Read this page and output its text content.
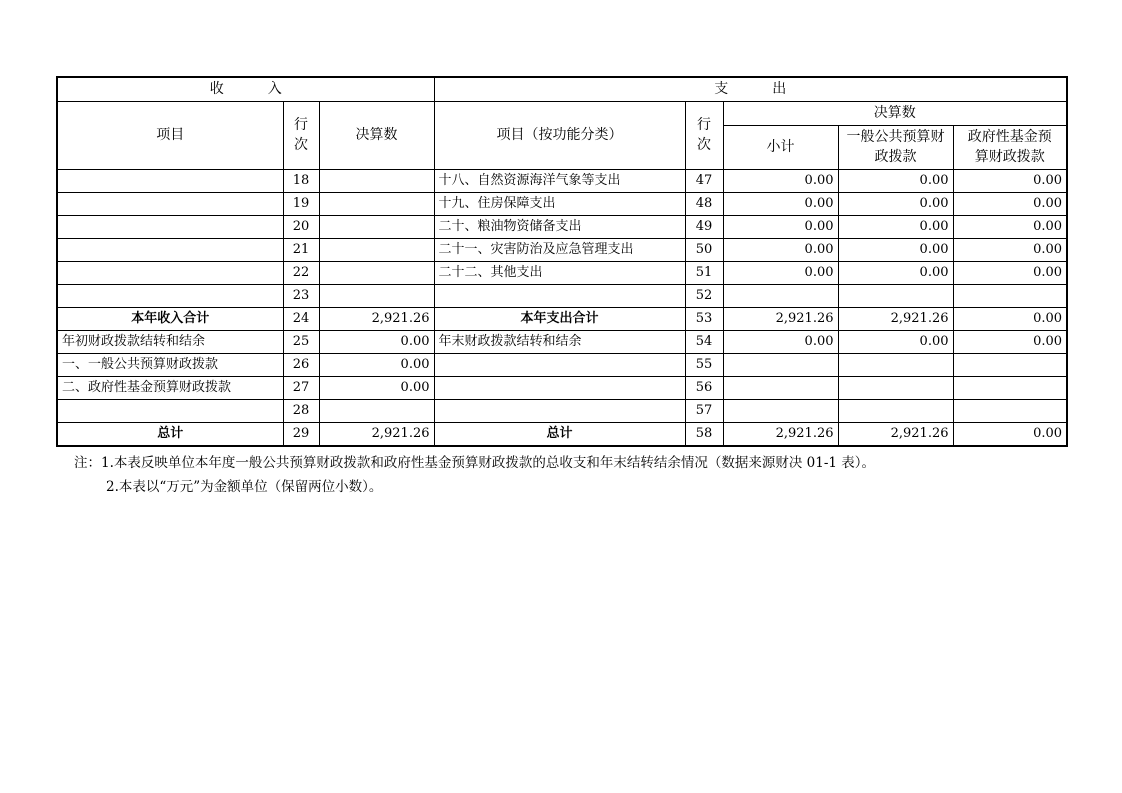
收入			支出				
项目	行次	决算数	项目（按功能分类）	行次	决算数		
					小计	一般公共预算财政拨款	政府性基金预算财政拨款
	18		十八、自然资源海洋气象等支出	47	0.00	0.00	0.00
	19		十九、住房保障支出	48	0.00	0.00	0.00
	20		二十、粮油物资储备支出	49	0.00	0.00	0.00
	21		二十一、灾害防治及应急管理支出	50	0.00	0.00	0.00
	22		二十二、其他支出	51	0.00	0.00	0.00
	23			52			
本年收入合计	24	2,921.26	本年支出合计	53	2,921.26	2,921.26	0.00
年初财政拨款结转和结余	25	0.00	年末财政拨款结转和结余	54	0.00	0.00	0.00
一、一般公共预算财政拨款	26	0.00		55			
二、政府性基金预算财政拨款	27	0.00		56			
	28			57			
总计	29	2,921.26	总计	58	2,921.26	2,921.26	0.00
注：1.本表反映单位本年度一般公共预算财政拨款和政府性基金预算财政拨款的总收支和年末结转结余情况（数据来源财决 01-1 表）。
2.本表以“万元”为金额单位（保留两位小数）。
